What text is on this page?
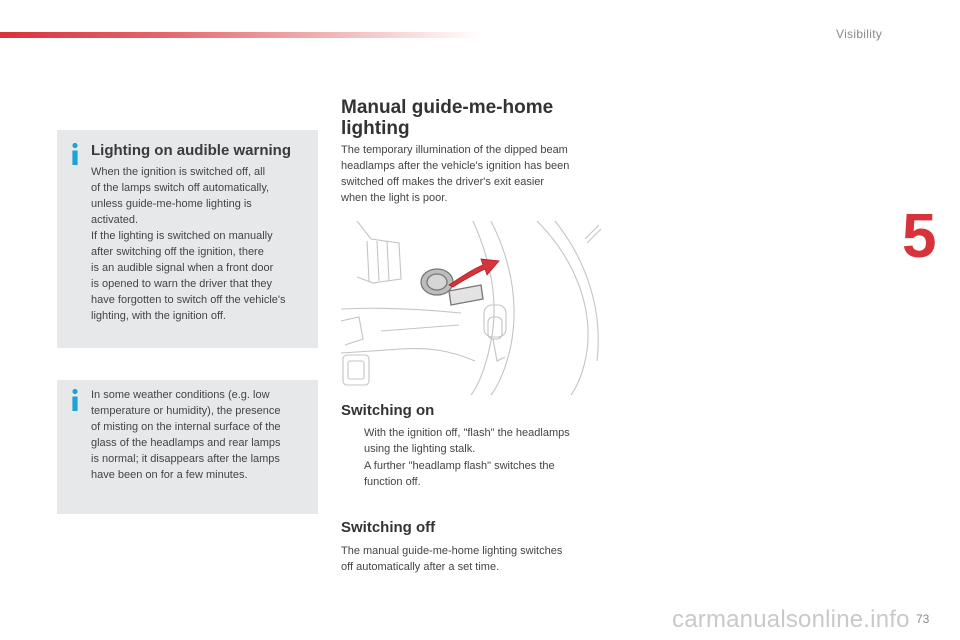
Visibility
5
73
Lighting on audible warning

When the ignition is switched off, all
of the lamps switch off automatically,
unless guide-me-home lighting is
activated.
If the lighting is switched on manually
after switching off the ignition, there
is an audible signal when a front door
is opened to warn the driver that they
have forgotten to switch off the vehicle's
lighting, with the ignition off.

In some weather conditions (e.g. low
temperature or humidity), the presence
of misting on the internal surface of the
glass of the headlamps and rear lamps
is normal; it disappears after the lamps
have been on for a few minutes.

Manual guide-me-home
lighting

The temporary illumination of the dipped beam
headlamps after the vehicle's ignition has been
switched off makes the driver's exit easier
when the light is poor.

Switching on
With the ignition off, "flash" the headlamps
using the lighting stalk.
A further "headlamp flash" switches the
function off.
Switching off

The manual guide-me-home lighting switches
off automatically after a set time.

carmanualsonline.info
